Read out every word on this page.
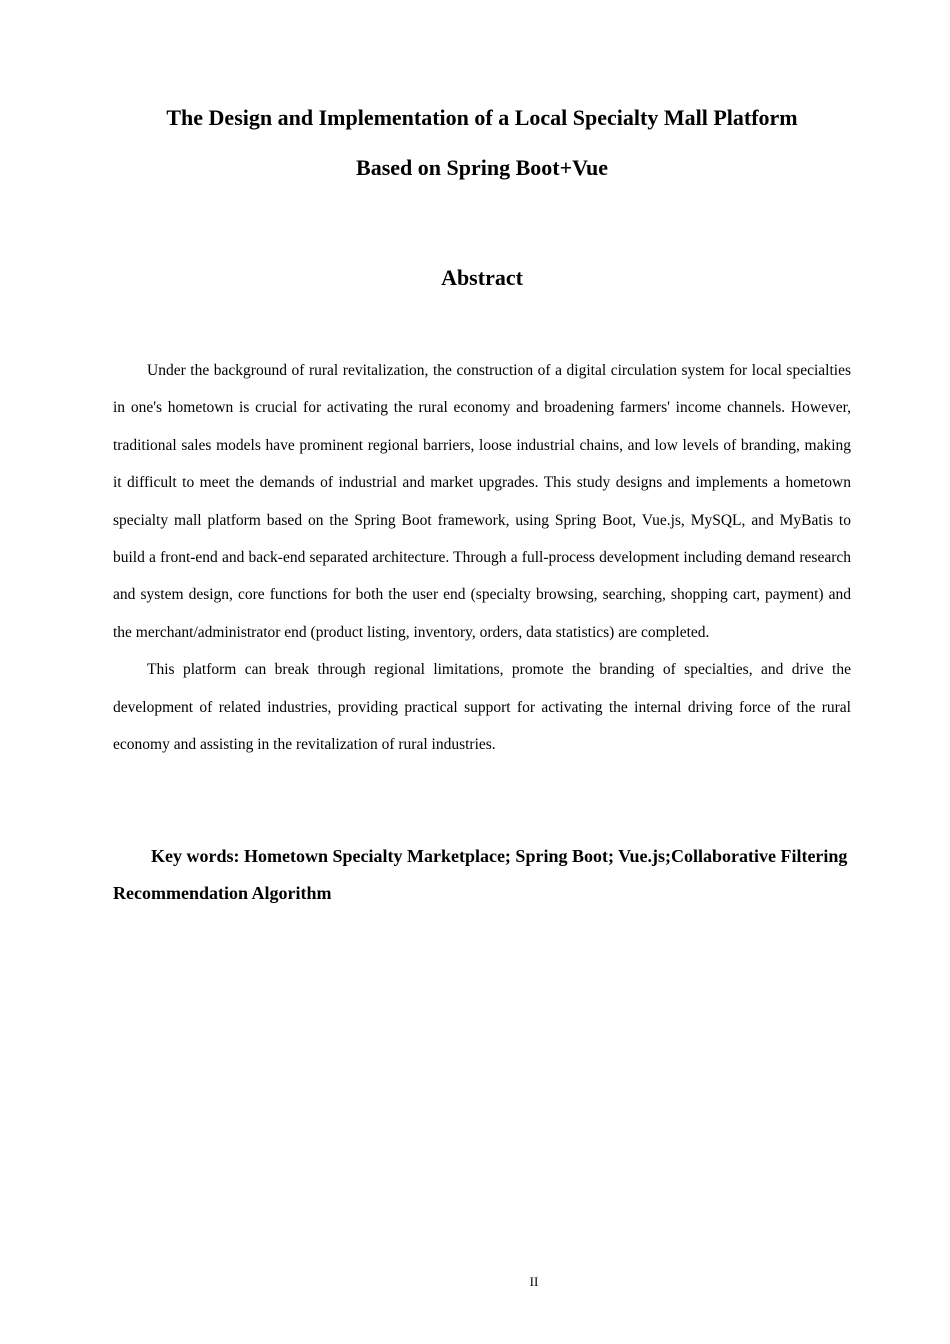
The Design and Implementation of a Local Specialty Mall Platform
Based on Spring Boot+Vue
Abstract

Under the background of rural revitalization, the construction of a digital circulation system for local specialties in one's hometown is crucial for activating the rural economy and broadening farmers' income channels. However, traditional sales models have prominent regional barriers, loose industrial chains, and low levels of branding, making it difficult to meet the demands of industrial and market upgrades. This study designs and implements a hometown specialty mall platform based on the Spring Boot framework, using Spring Boot, Vue.js, MySQL, and MyBatis to build a front-end and back-end separated architecture. Through a full-process development including demand research and system design, core functions for both the user end (specialty browsing, searching, shopping cart, payment) and the merchant/administrator end (product listing, inventory, orders, data statistics) are completed.

This platform can break through regional limitations, promote the branding of specialties, and drive the development of related industries, providing practical support for activating the internal driving force of the rural economy and assisting in the revitalization of rural industries.

Key words: Hometown Specialty Marketplace; Spring Boot; Vue.js;Collaborative Filtering Recommendation Algorithm

II
